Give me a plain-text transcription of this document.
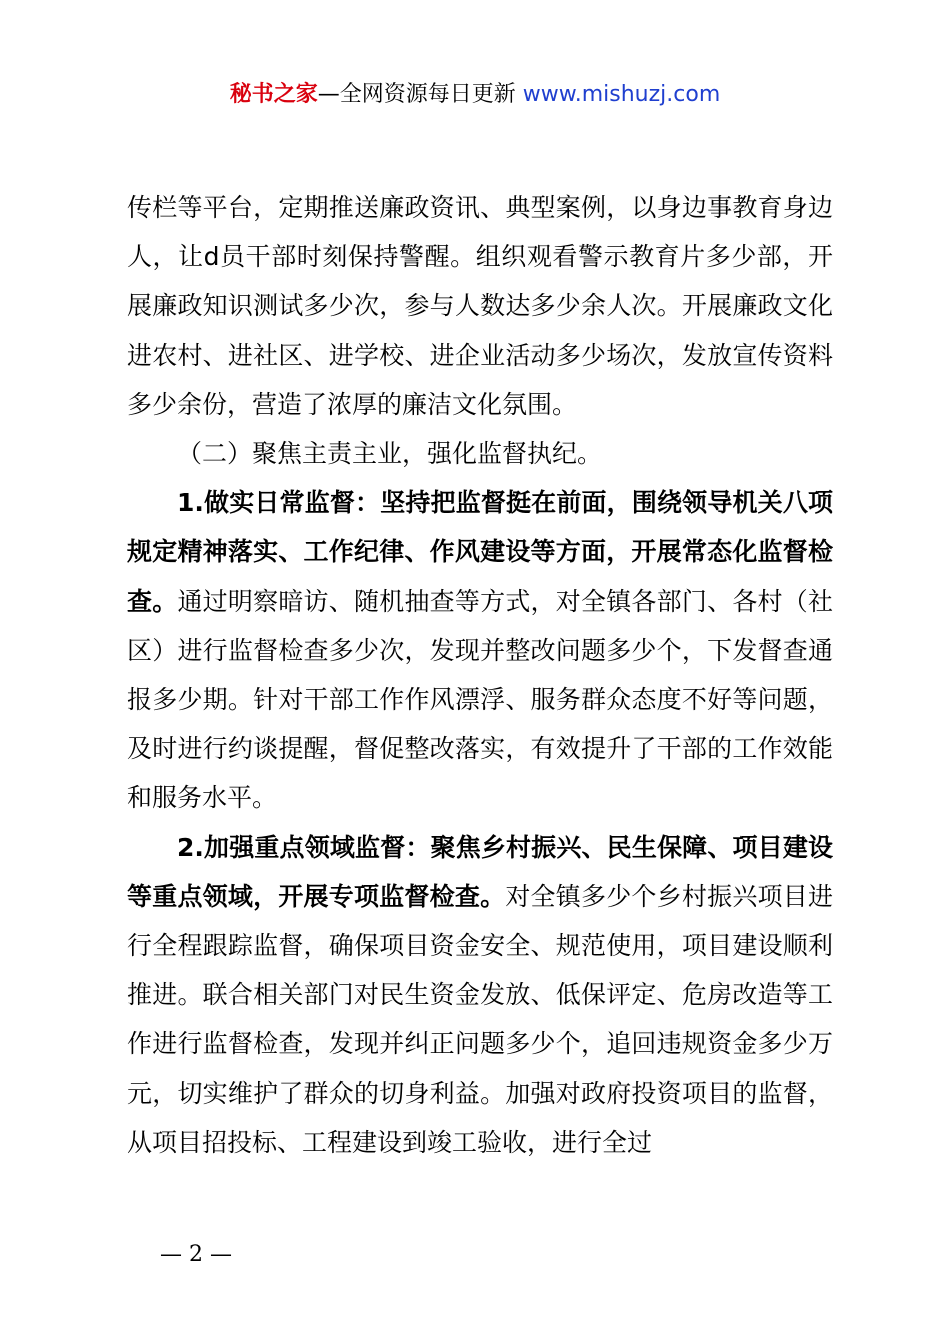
秘书之家—全网资源每日更新 www.mishuzj.com

传栏等平台，定期推送廉政资讯、典型案例，以身边事教育身边人，让d员干部时刻保持警醒。组织观看警示教育片多少部，开展廉政知识测试多少次，参与人数达多少余人次。开展廉政文化进农村、进社区、进学校、进企业活动多少场次，发放宣传资料多少余份，营造了浓厚的廉洁文化氛围。

（二）聚焦主责主业，强化监督执纪。

1.做实日常监督：坚持把监督挺在前面，围绕领导机关八项规定精神落实、工作纪律、作风建设等方面，开展常态化监督检查。通过明察暗访、随机抽查等方式，对全镇各部门、各村（社区）进行监督检查多少次，发现并整改问题多少个，下发督查通报多少期。针对干部工作作风漂浮、服务群众态度不好等问题，及时进行约谈提醒，督促整改落实，有效提升了干部的工作效能和服务水平。

2.加强重点领域监督：聚焦乡村振兴、民生保障、项目建设等重点领域，开展专项监督检查。对全镇多少个乡村振兴项目进行全程跟踪监督，确保项目资金安全、规范使用，项目建设顺利推进。联合相关部门对民生资金发放、低保评定、危房改造等工作进行监督检查，发现并纠正问题多少个，追回违规资金多少万元，切实维护了群众的切身利益。加强对政府投资项目的监督，从项目招投标、工程建设到竣工验收，进行全过

— 2 —
